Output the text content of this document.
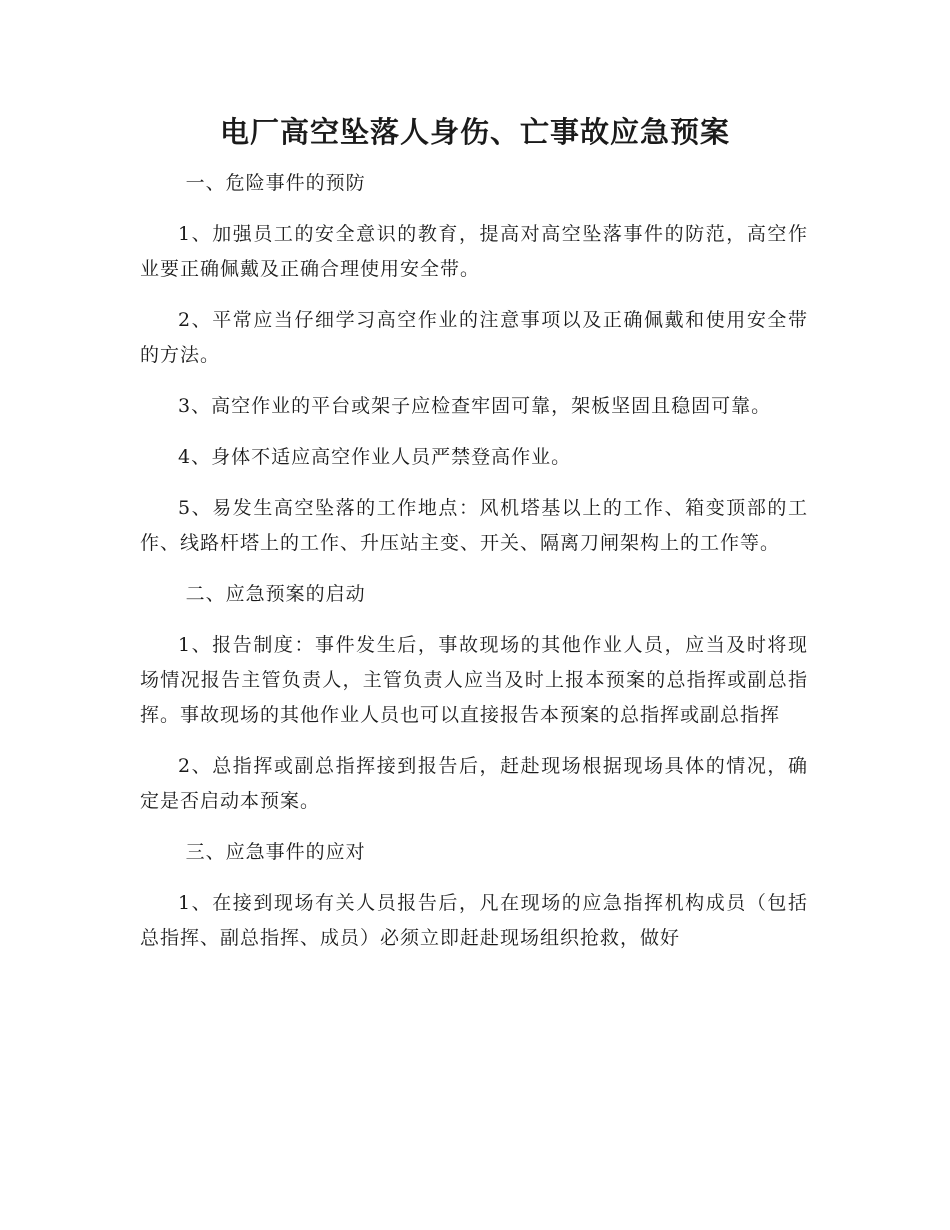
电厂高空坠落人身伤、亡事故应急预案
一、危险事件的预防

1、加强员工的安全意识的教育，提高对高空坠落事件的防范，高空作业要正确佩戴及正确合理使用安全带。

2、平常应当仔细学习高空作业的注意事项以及正确佩戴和使用安全带的方法。

3、高空作业的平台或架子应检查牢固可靠，架板坚固且稳固可靠。

4、身体不适应高空作业人员严禁登高作业。

5、易发生高空坠落的工作地点：风机塔基以上的工作、箱变顶部的工作、线路杆塔上的工作、升压站主变、开关、隔离刀闸架构上的工作等。

二、应急预案的启动

1、报告制度：事件发生后，事故现场的其他作业人员，应当及时将现场情况报告主管负责人，主管负责人应当及时上报本预案的总指挥或副总指挥。事故现场的其他作业人员也可以直接报告本预案的总指挥或副总指挥

2、总指挥或副总指挥接到报告后，赶赴现场根据现场具体的情况，确定是否启动本预案。

三、应急事件的应对

1、在接到现场有关人员报告后，凡在现场的应急指挥机构成员（包括总指挥、副总指挥、成员）必须立即赶赴现场组织抢救，做好
